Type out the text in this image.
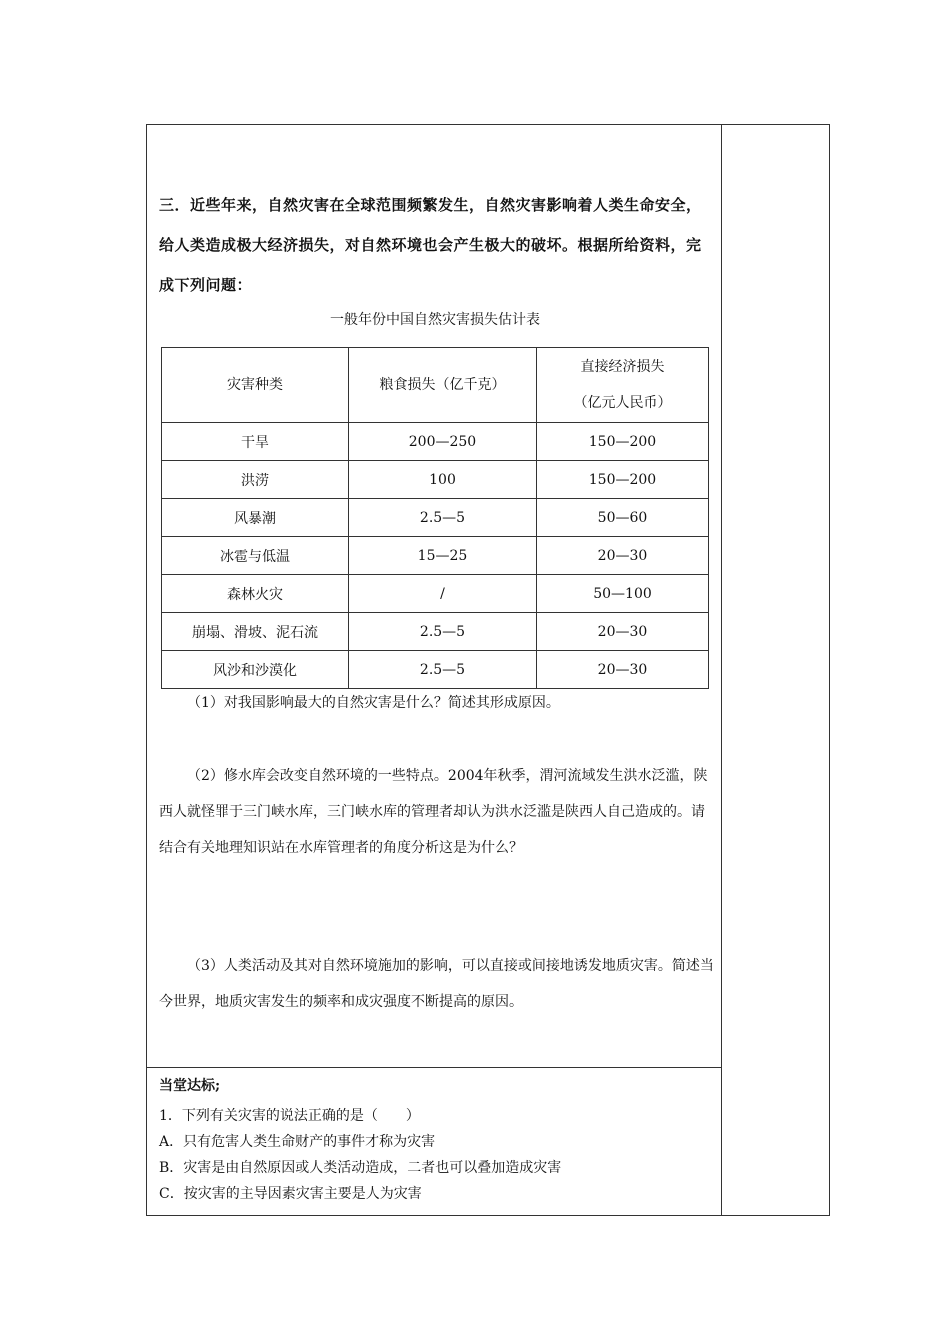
三．近些年来，自然灾害在全球范围频繁发生，自然灾害影响着人类生命安全，给人类造成极大经济损失，对自然环境也会产生极大的破坏。根据所给资料，完成下列问题：
一般年份中国自然灾害损失估计表
灾害种类	粮食损失（亿千克）	直接经济损失
（亿元人民币）

干旱	200—250	150—200
洪涝	100	150—200
风暴潮	2.5—5	50—60
冰雹与低温	15—25	20—30
森林火灾	/	50—100
崩塌、滑坡、泥石流	2.5—5	20—30
风沙和沙漠化	2.5—5	20—30
（1）对我国影响最大的自然灾害是什么？简述其形成原因。
（2）修水库会改变自然环境的一些特点。2004年秋季，渭河流域发生洪水泛滥，陕西人就怪罪于三门峡水库，三门峡水库的管理者却认为洪水泛滥是陕西人自己造成的。请结合有关地理知识站在水库管理者的角度分析这是为什么？
（3）人类活动及其对自然环境施加的影响，可以直接或间接地诱发地质灾害。简述当今世界，地质灾害发生的频率和成灾强度不断提高的原因。
当堂达标;
1．下列有关灾害的说法正确的是（　　）
A．只有危害人类生命财产的事件才称为灾害
B．灾害是由自然原因或人类活动造成，二者也可以叠加造成灾害
C．按灾害的主导因素灾害主要是人为灾害
